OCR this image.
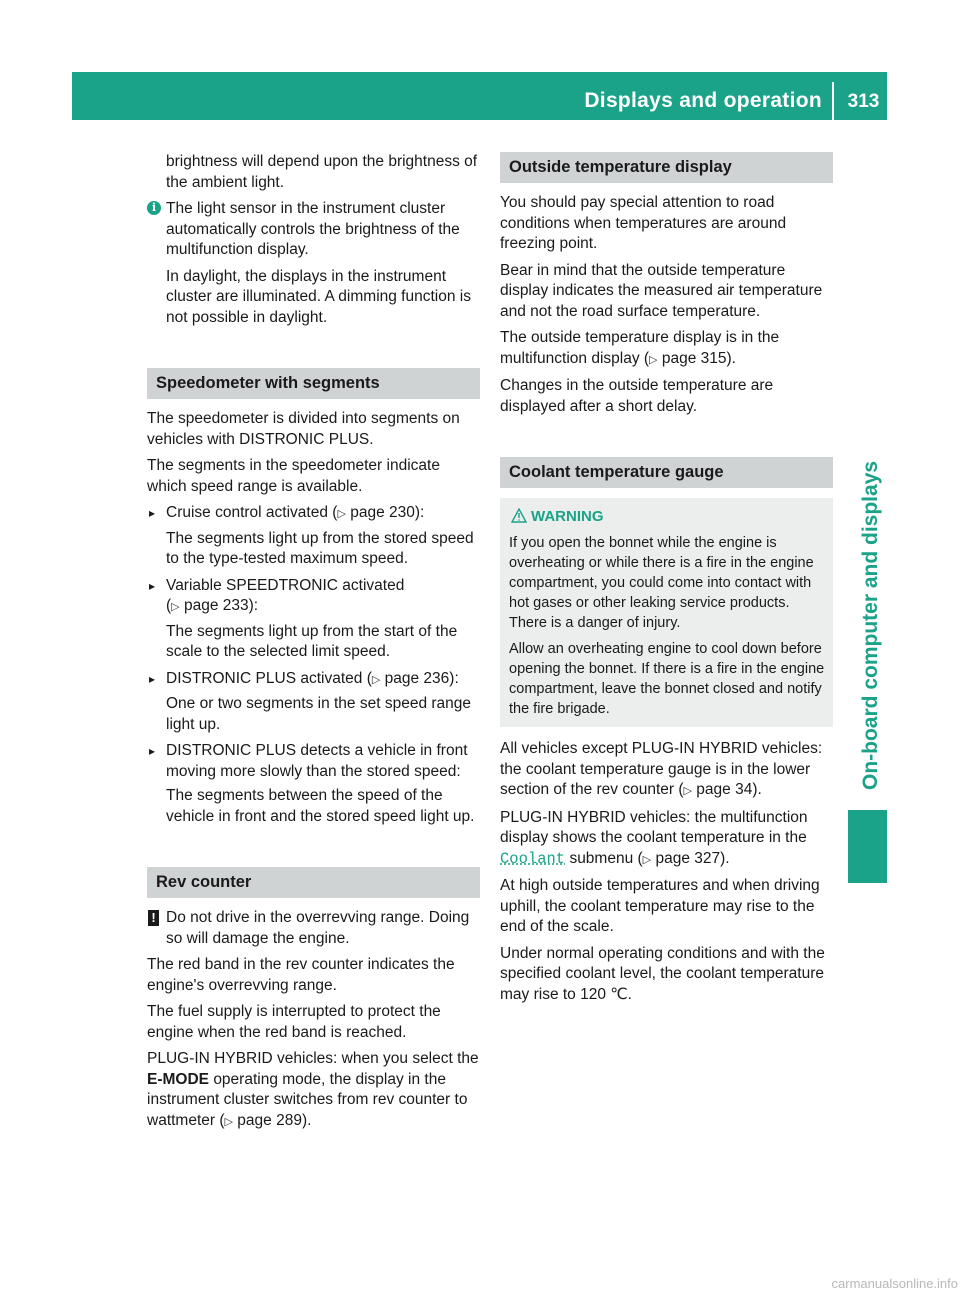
Displays and operation	313
On-board computer and displays

brightness will depend upon the brightness of the ambient light.

i The light sensor in the instrument cluster automatically controls the brightness of the multifunction display.

In daylight, the displays in the instrument cluster are illuminated. A dimming function is not possible in daylight.

Speedometer with segments

The speedometer is divided into segments on vehicles with DISTRONIC PLUS.

The segments in the speedometer indicate which speed range is available.

▸ Cruise control activated (▷ page 230):
The segments light up from the stored speed to the type-tested maximum speed.
▸ Variable SPEEDTRONIC activated
(▷ page 233):
The segments light up from the start of the scale to the selected limit speed.
▸ DISTRONIC PLUS activated (▷ page 236):
One or two segments in the set speed range light up.
▸ DISTRONIC PLUS detects a vehicle in front moving more slowly than the stored speed:
The segments between the speed of the vehicle in front and the stored speed light up.
Rev counter
! Do not drive in the overrevving range. Doing so will damage the engine.

The red band in the rev counter indicates the engine's overrevving range.

The fuel supply is interrupted to protect the engine when the red band is reached.

PLUG-IN HYBRID vehicles: when you select the E-MODE operating mode, the display in the instrument cluster switches from rev counter to wattmeter (▷ page 289).

Outside temperature display

You should pay special attention to road conditions when temperatures are around freezing point.

Bear in mind that the outside temperature display indicates the measured air temperature and not the road surface temperature.

The outside temperature display is in the multifunction display (▷ page 315).

Changes in the outside temperature are displayed after a short delay.

Coolant temperature gauge
WARNING

If you open the bonnet while the engine is overheating or while there is a fire in the engine compartment, you could come into contact with hot gases or other leaking service products. There is a danger of injury.

Allow an overheating engine to cool down before opening the bonnet. If there is a fire in the engine compartment, leave the bonnet closed and notify the fire brigade.

All vehicles except PLUG-IN HYBRID vehicles: the coolant temperature gauge is in the lower section of the rev counter (▷ page 34).

PLUG-IN HYBRID vehicles: the multifunction display shows the coolant temperature in the Coolant submenu (▷ page 327).

At high outside temperatures and when driving uphill, the coolant temperature may rise to the end of the scale.

Under normal operating conditions and with the specified coolant level, the coolant temperature may rise to 120 ℃.

carmanualsonline.info
